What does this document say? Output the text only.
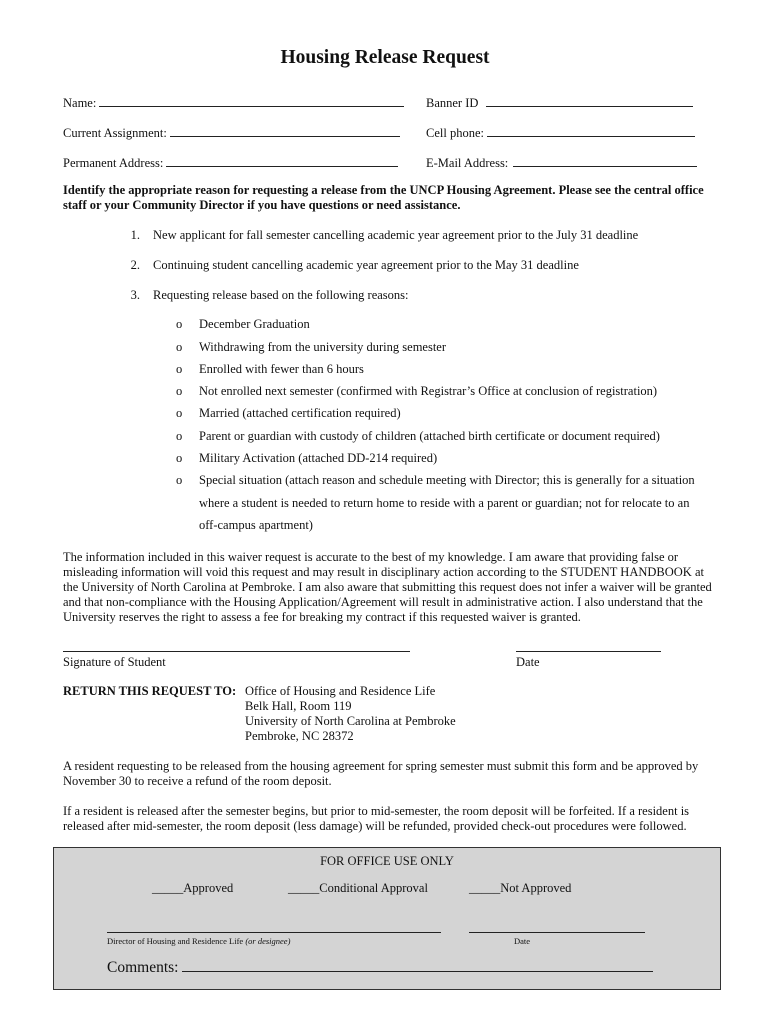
Housing Release Request
Name:	Banner ID
Current Assignment:	Cell phone:
Permanent Address:	E-Mail Address:
Identify the appropriate reason for requesting a release from the UNCP Housing Agreement. Please see the central office staff or your Community Director if you have questions or need assistance.
1. New applicant for fall semester cancelling academic year agreement prior to the July 31 deadline
2. Continuing student cancelling academic year agreement prior to the May 31 deadline
3. Requesting release based on the following reasons:
o December Graduation
o Withdrawing from the university during semester
o Enrolled with fewer than 6 hours
o Not enrolled next semester (confirmed with Registrar’s Office at conclusion of registration)
o Married (attached certification required)
o Parent or guardian with custody of children (attached birth certificate or document required)
o Military Activation (attached DD-214 required)
o Special situation (attach reason and schedule meeting with Director; this is generally for a situation
where a student is needed to return home to reside with a parent or guardian; not for relocate to an
off-campus apartment)
The information included in this waiver request is accurate to the best of my knowledge. I am aware that providing false or misleading information will void this request and may result in disciplinary action according to the STUDENT HANDBOOK at the University of North Carolina at Pembroke. I am also aware that submitting this request does not infer a waiver will be granted and that non-compliance with the Housing Application/Agreement will result in administrative action. I also understand that the University reserves the right to assess a fee for breaking my contract if this requested waiver is granted.
Signature of Student	Date
RETURN THIS REQUEST TO: Office of Housing and Residence Life
Belk Hall, Room 119
University of North Carolina at Pembroke
Pembroke, NC 28372
A resident requesting to be released from the housing agreement for spring semester must submit this form and be approved by November 30 to receive a refund of the room deposit.
If a resident is released after the semester begins, but prior to mid-semester, the room deposit will be forfeited. If a resident is released after mid-semester, the room deposit (less damage) will be refunded, provided check-out procedures were followed.
FOR OFFICE USE ONLY
_____Approved	_____Conditional Approval	_____Not Approved
Director of Housing and Residence Life (or designee)	Date
Comments:
